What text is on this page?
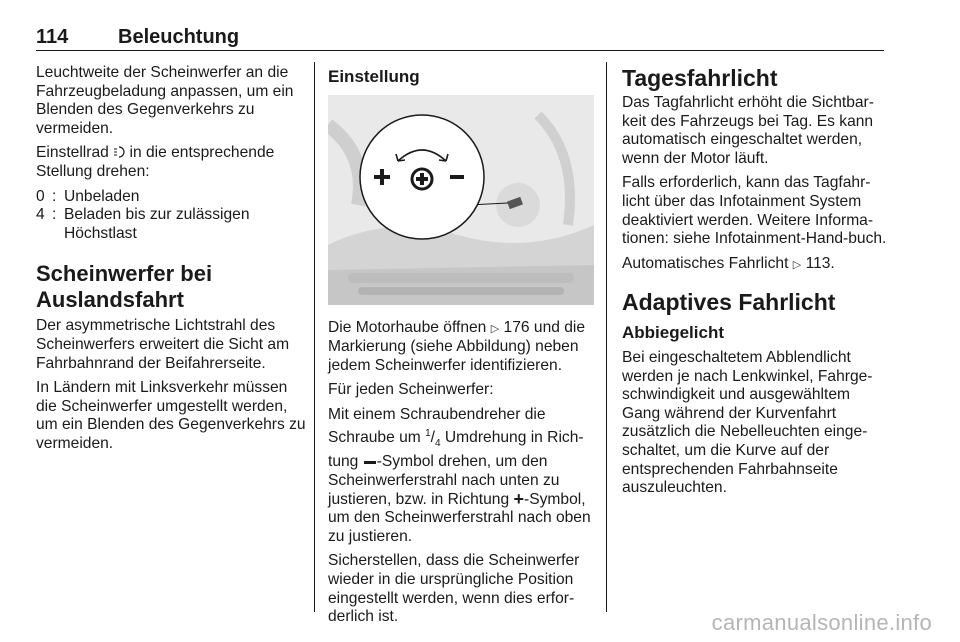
114 Beleuchtung

Leuchtweite der Scheinwerfer an die Fahrzeugbeladung anpassen, um ein Blenden des Gegenverkehrs zu vermeiden.

Einstellrad in die entsprechende Stellung drehen:

0 : Unbeladen
4 : Beladen bis zur zulässigen Höchstlast
Scheinwerfer bei Auslandsfahrt

Der asymmetrische Lichtstrahl des Scheinwerfers erweitert die Sicht am Fahrbahnrand der Beifahrerseite.

In Ländern mit Linksverkehr müssen die Scheinwerfer umgestellt werden, um ein Blenden des Gegenverkehrs zu vermeiden.

Einstellung

Die Motorhaube öffnen ▷ 176 und die Markierung (siehe Abbildung) neben jedem Scheinwerfer identifizieren.

Für jeden Scheinwerfer:

Mit einem Schraubendreher die Schraube um $^1/_4$ Umdrehung in Rich-tung -Symbol drehen, um den Scheinwerferstrahl nach unten zu justieren, bzw. in Richtung +-Symbol, um den Scheinwerferstrahl nach oben zu justieren.

Sicherstellen, dass die Scheinwerfer wieder in die ursprüngliche Position eingestellt werden, wenn dies erfor-derlich ist.

Tagesfahrlicht

Das Tagfahrlicht erhöht die Sichtbar-keit des Fahrzeugs bei Tag. Es kann automatisch eingeschaltet werden, wenn der Motor läuft.

Falls erforderlich, kann das Tagfahr-licht über das Infotainment System deaktiviert werden. Weitere Informa-tionen: siehe Infotainment-Hand-buch.

Automatisches Fahrlicht ▷ 113.

Adaptives Fahrlicht
Abbiegelicht

Bei eingeschaltetem Abblendlicht werden je nach Lenkwinkel, Fahrge-schwindigkeit und ausgewähltem Gang während der Kurvenfahrt zusätzlich die Nebelleuchten einge-schaltet, um die Kurve auf der entsprechenden Fahrbahnseite auszuleuchten.

carmanualsonline.info
